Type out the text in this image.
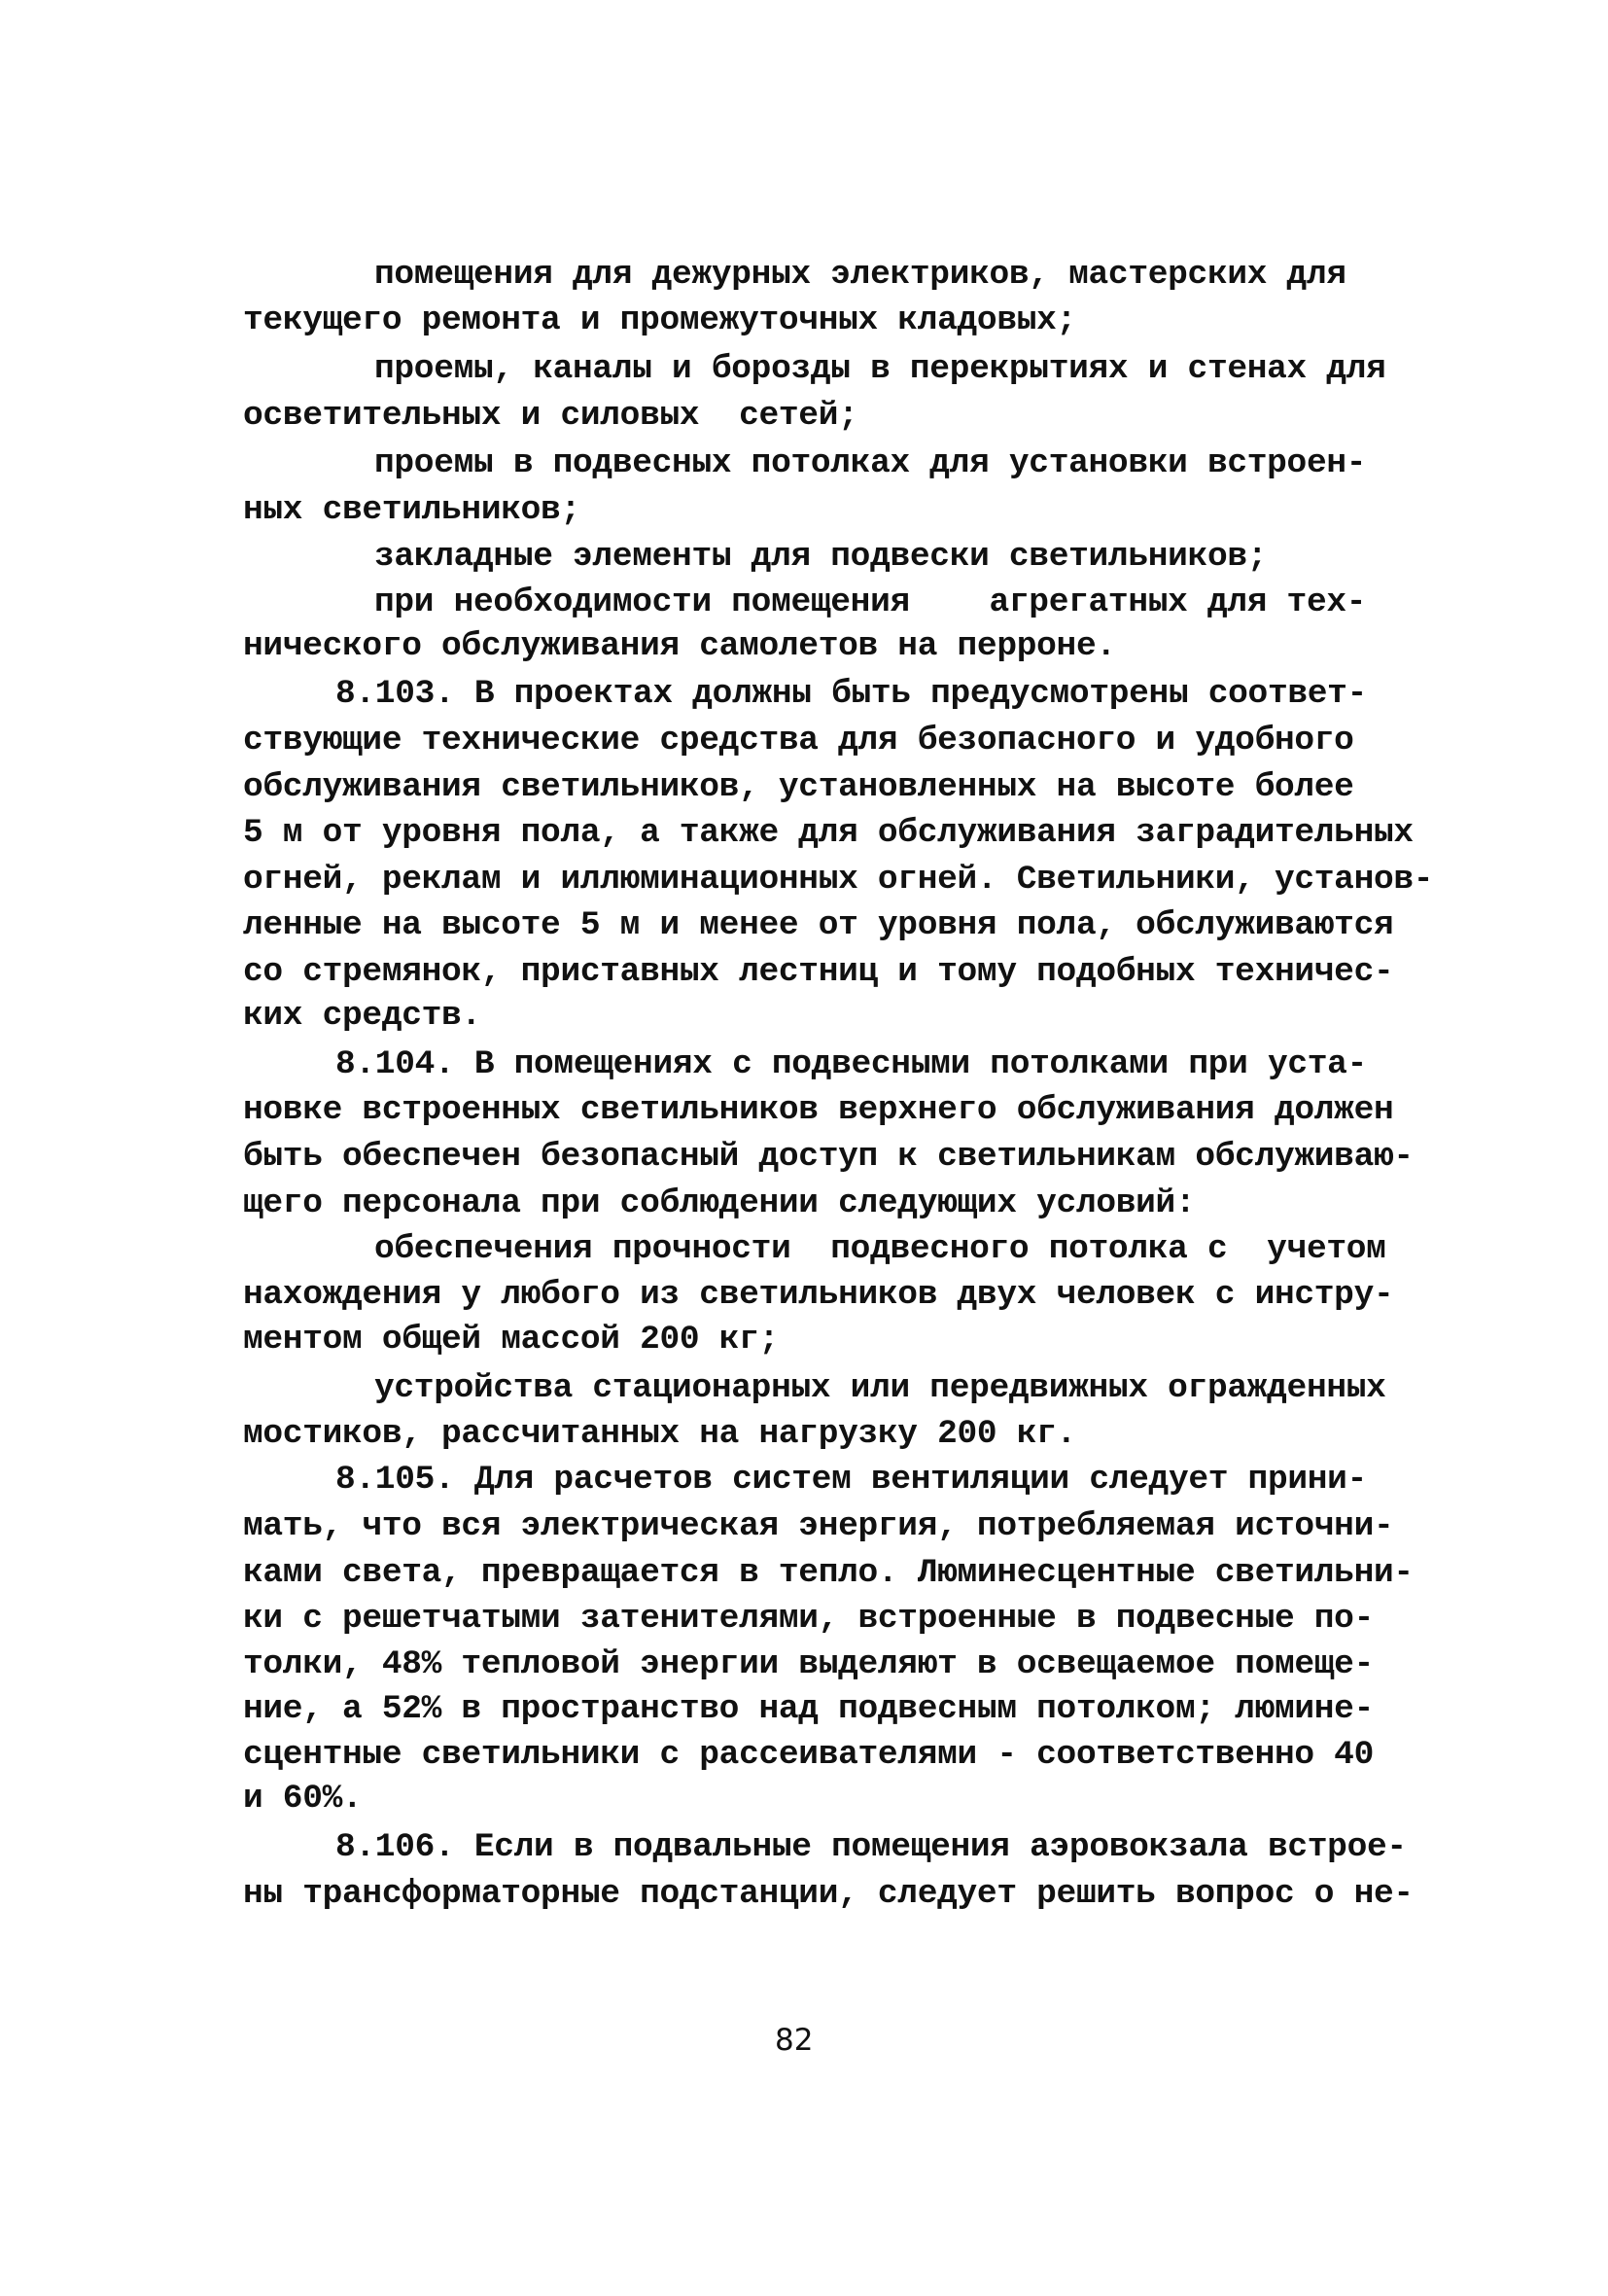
помещения для дежурных электриков, мастерских для
текущего ремонта и промежуточных кладовых;
проемы, каналы и борозды в перекрытиях и стенах для
осветительных и силовых  сетей;
проемы в подвесных потолках для установки встроен-
ных светильников;
закладные элементы для подвески светильников;
при необходимости помещения    агрегатных для тех-
нического обслуживания самолетов на перроне.
8.103. В проектах должны быть предусмотрены соответ-
ствующие технические средства для безопасного и удобного
обслуживания светильников, установленных на высоте более
5 м от уровня пола, а также для обслуживания заградительных
огней, реклам и иллюминационных огней. Светильники, установ-
ленные на высоте 5 м и менее от уровня пола, обслуживаются
со стремянок, приставных лестниц и тому подобных техничес-
ких средств.
8.104. В помещениях с подвесными потолками при уста-
новке встроенных светильников верхнего обслуживания должен
быть обеспечен безопасный доступ к светильникам обслуживаю-
щего персонала при соблюдении следующих условий:
обеспечения прочности  подвесного потолка с  учетом
нахождения у любого из светильников двух человек с инстру-
ментом общей массой 200 кг;
устройства стационарных или передвижных огражденных
мостиков, рассчитанных на нагрузку 200 кг.
8.105. Для расчетов систем вентиляции следует прини-
мать, что вся электрическая энергия, потребляемая источни-
ками света, превращается в тепло. Люминесцентные светильни-
ки с решетчатыми затенителями, встроенные в подвесные по-
толки, 48% тепловой энергии выделяют в освещаемое помеще-
ние, а 52% в пространство над подвесным потолком; люмине-
сцентные светильники с рассеивателями - соответственно 40
и 60%.
8.106. Если в подвальные помещения аэровокзала встрое-
ны трансформаторные подстанции, следует решить вопрос о не-
82
